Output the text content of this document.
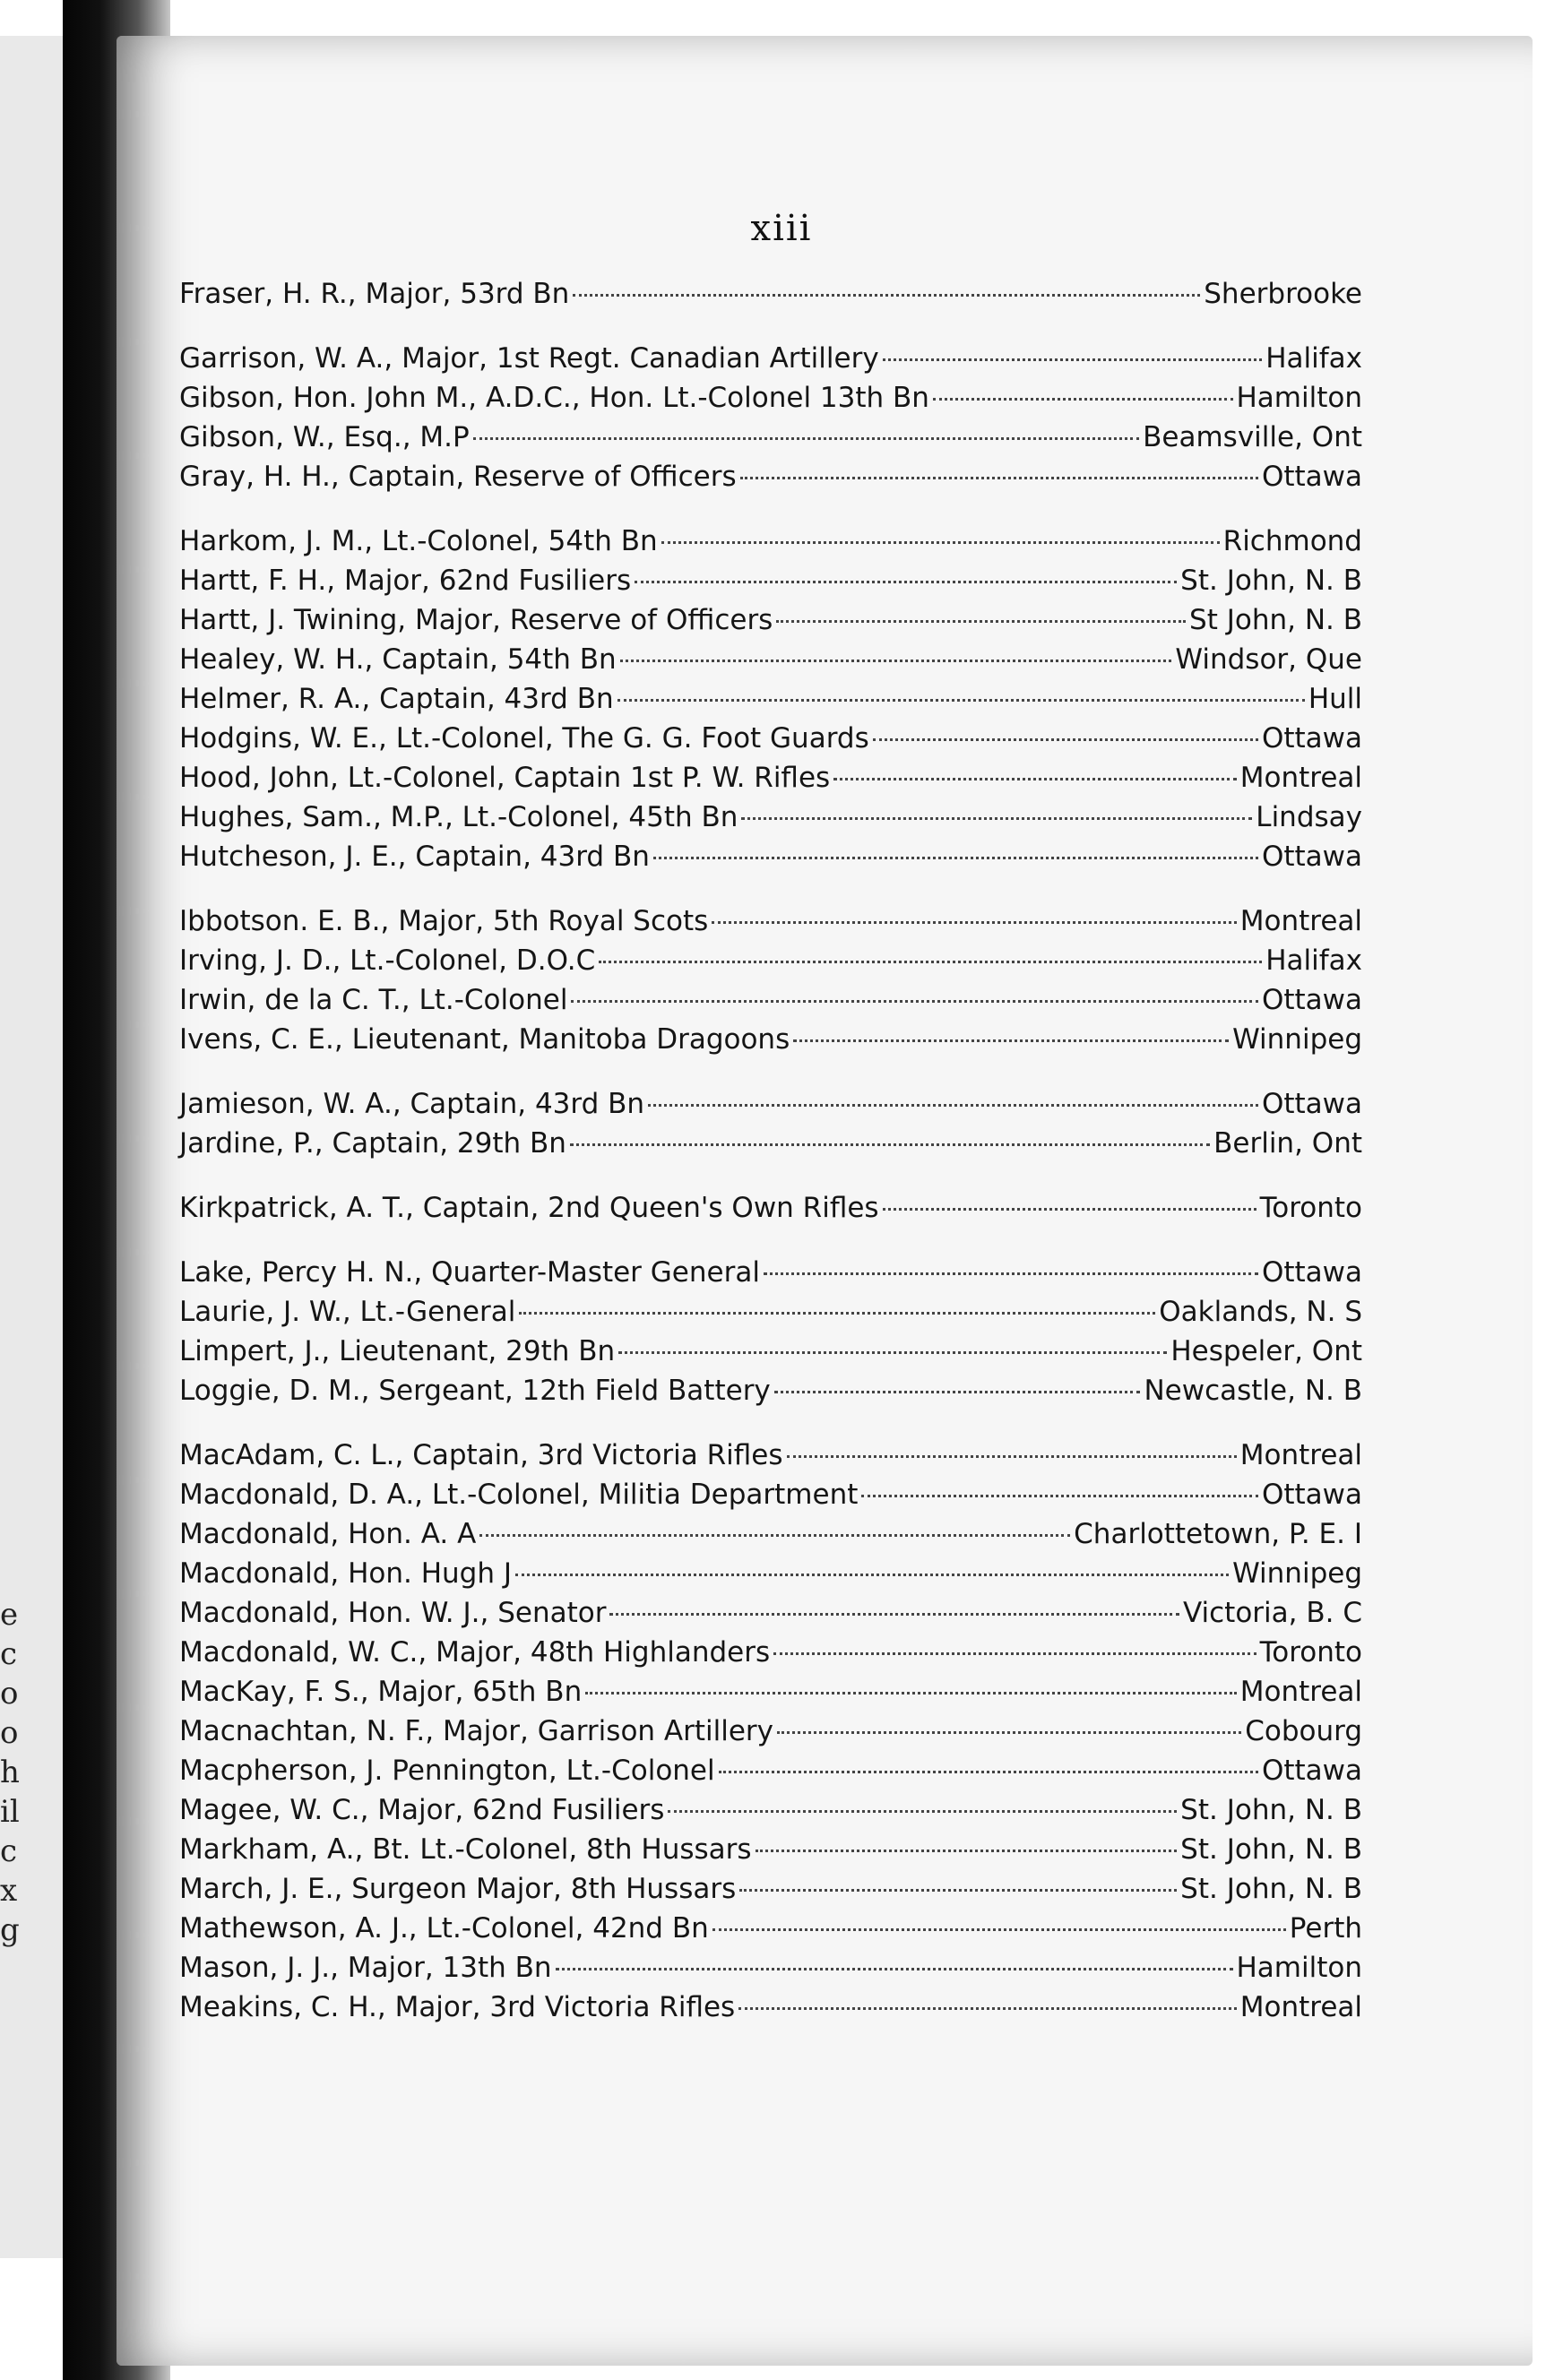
e
c
o
o
h
il
c
x
g
xiii
Fraser, H. R., Major, 53rd Bn	Sherbrooke
Garrison, W. A., Major, 1st Regt. Canadian Artillery	Halifax
Gibson, Hon. John M., A.D.C., Hon. Lt.-Colonel 13th Bn	Hamilton
Gibson, W., Esq., M.P	Beamsville, Ont
Gray, H. H., Captain, Reserve of Officers	Ottawa
Harkom, J. M., Lt.-Colonel, 54th Bn	Richmond
Hartt, F. H., Major, 62nd Fusiliers	St. John, N. B
Hartt, J. Twining, Major, Reserve of Officers	St John, N. B
Healey, W. H., Captain, 54th Bn	Windsor, Que
Helmer, R. A., Captain, 43rd Bn	Hull
Hodgins, W. E., Lt.-Colonel, The G. G. Foot Guards	Ottawa
Hood, John, Lt.-Colonel, Captain 1st P. W. Rifles	Montreal
Hughes, Sam., M.P., Lt.-Colonel, 45th Bn	Lindsay
Hutcheson, J. E., Captain, 43rd Bn	Ottawa
Ibbotson. E. B., Major, 5th Royal Scots	Montreal
Irving, J. D., Lt.-Colonel, D.O.C	Halifax
Irwin, de la C. T., Lt.-Colonel	Ottawa
Ivens, C. E., Lieutenant, Manitoba Dragoons	Winnipeg
Jamieson, W. A., Captain, 43rd Bn	Ottawa
Jardine, P., Captain, 29th Bn	Berlin, Ont
Kirkpatrick, A. T., Captain, 2nd Queen's Own Rifles	Toronto
Lake, Percy H. N., Quarter-Master General	Ottawa
Laurie, J. W., Lt.-General	Oaklands, N. S
Limpert, J., Lieutenant, 29th Bn	Hespeler, Ont
Loggie, D. M., Sergeant, 12th Field Battery	Newcastle, N. B
MacAdam, C. L., Captain, 3rd Victoria Rifles	Montreal
Macdonald, D. A., Lt.-Colonel, Militia Department	Ottawa
Macdonald, Hon. A. A	Charlottetown, P. E. I
Macdonald, Hon. Hugh J	Winnipeg
Macdonald, Hon. W. J., Senator	Victoria, B. C
Macdonald, W. C., Major, 48th Highlanders	Toronto
MacKay, F. S., Major, 65th Bn	Montreal
Macnachtan, N. F., Major, Garrison Artillery	Cobourg
Macpherson, J. Pennington, Lt.-Colonel	Ottawa
Magee, W. C., Major, 62nd Fusiliers	St. John, N. B
Markham, A., Bt. Lt.-Colonel, 8th Hussars	St. John, N. B
March, J. E., Surgeon Major, 8th Hussars	St. John, N. B
Mathewson, A. J., Lt.-Colonel, 42nd Bn	Perth
Mason, J. J., Major, 13th Bn	Hamilton
Meakins, C. H., Major, 3rd Victoria Rifles	Montreal
